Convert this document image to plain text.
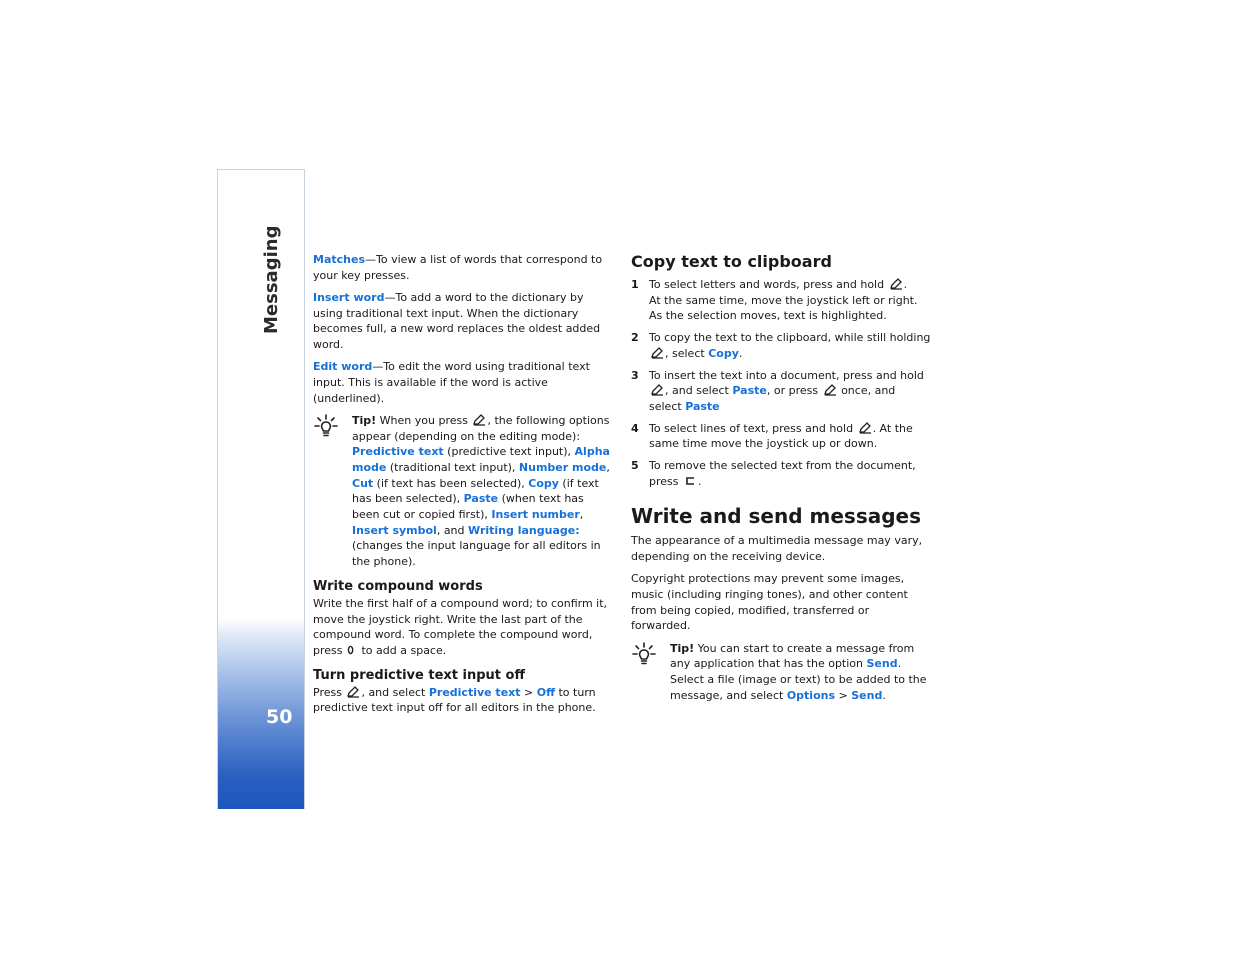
Messaging
50

Matches—To view a list of words that correspond to your key presses.

Insert word—To add a word to the dictionary by using traditional text input. When the dictionary becomes full, a new word replaces the oldest added word.

Edit word—To edit the word using traditional text input. This is available if the word is active (underlined).

Tip! When you press , the following options appear (depending on the editing mode): Predictive text (predictive text input), Alpha mode (traditional text input), Number mode, Cut (if text has been selected), Copy (if text has been selected), Paste (when text has been cut or copied first), Insert number, Insert symbol, and Writing language: (changes the input language for all editors in the phone).
Write compound words

Write the first half of a compound word; to confirm it, move the joystick right. Write the last part of the compound word. To complete the compound word, press  to add a space.

Turn predictive text input off

Press , and select Predictive text > Off to turn predictive text input off for all editors in the phone.

Copy text to clipboard
1 To select letters and words, press and hold .
At the same time, move the joystick left or right. As the selection moves, text is highlighted.
2 To copy the text to the clipboard, while still holding , select Copy.
3 To insert the text into a document, press and hold , and select Paste, or press  once, and select Paste
4 To select lines of text, press and hold . At the same time move the joystick up or down.
5 To remove the selected text from the document, press .
Write and send messages

The appearance of a multimedia message may vary, depending on the receiving device.

Copyright protections may prevent some images, music (including ringing tones), and other content from being copied, modified, transferred or forwarded.

Tip! You can start to create a message from any application that has the option Send. Select a file (image or text) to be added to the message, and select Options > Send.
